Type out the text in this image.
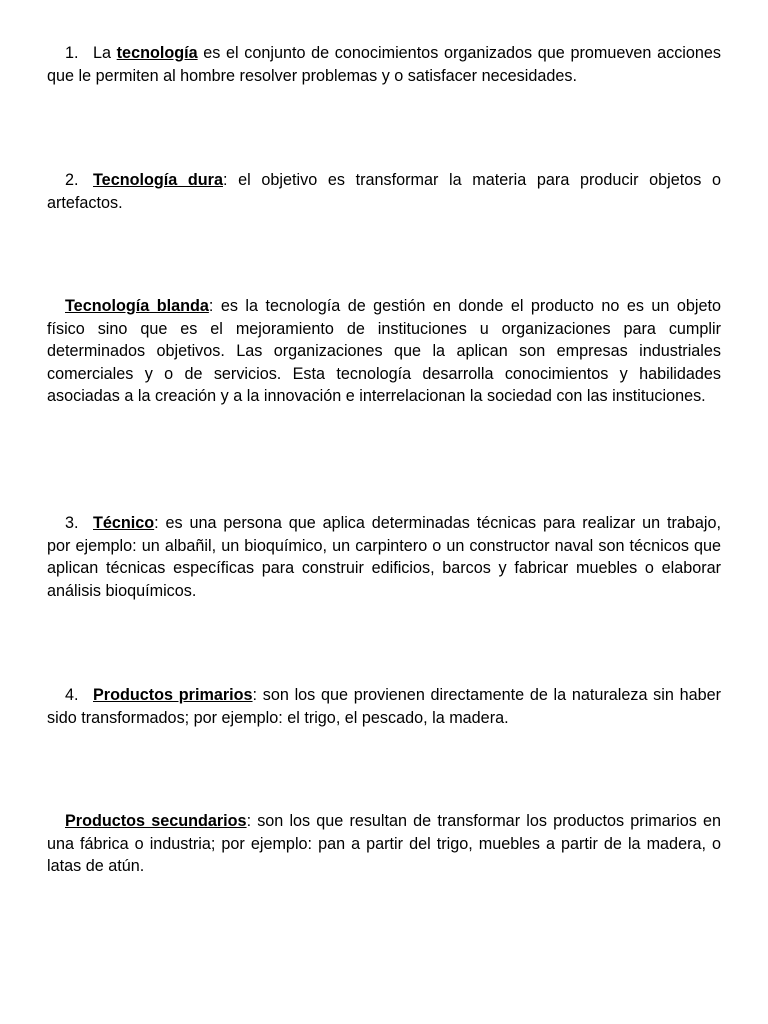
1. La tecnología es el conjunto de conocimientos organizados que promueven acciones que le permiten al hombre resolver problemas y o satisfacer necesidades.

2. Tecnología dura: el objetivo es transformar la materia para producir objetos o artefactos.

Tecnología blanda: es la tecnología de gestión en donde el producto no es un objeto físico sino que es el mejoramiento de instituciones u organizaciones para cumplir determinados objetivos. Las organizaciones que la aplican son empresas industriales comerciales y o de servicios. Esta tecnología desarrolla conocimientos y habilidades asociadas a la creación y a la innovación e interrelacionan la sociedad con las instituciones.

3. Técnico: es una persona que aplica determinadas técnicas para realizar un trabajo, por ejemplo: un albañil, un bioquímico, un carpintero o un constructor naval son técnicos que aplican técnicas específicas para construir edificios, barcos y fabricar muebles o elaborar análisis bioquímicos.

4. Productos primarios: son los que provienen directamente de la naturaleza sin haber sido transformados; por ejemplo: el trigo, el pescado, la madera.

Productos secundarios: son los que resultan de transformar los productos primarios en una fábrica o industria; por ejemplo: pan a partir del trigo, muebles a partir de la madera, o latas de atún.
